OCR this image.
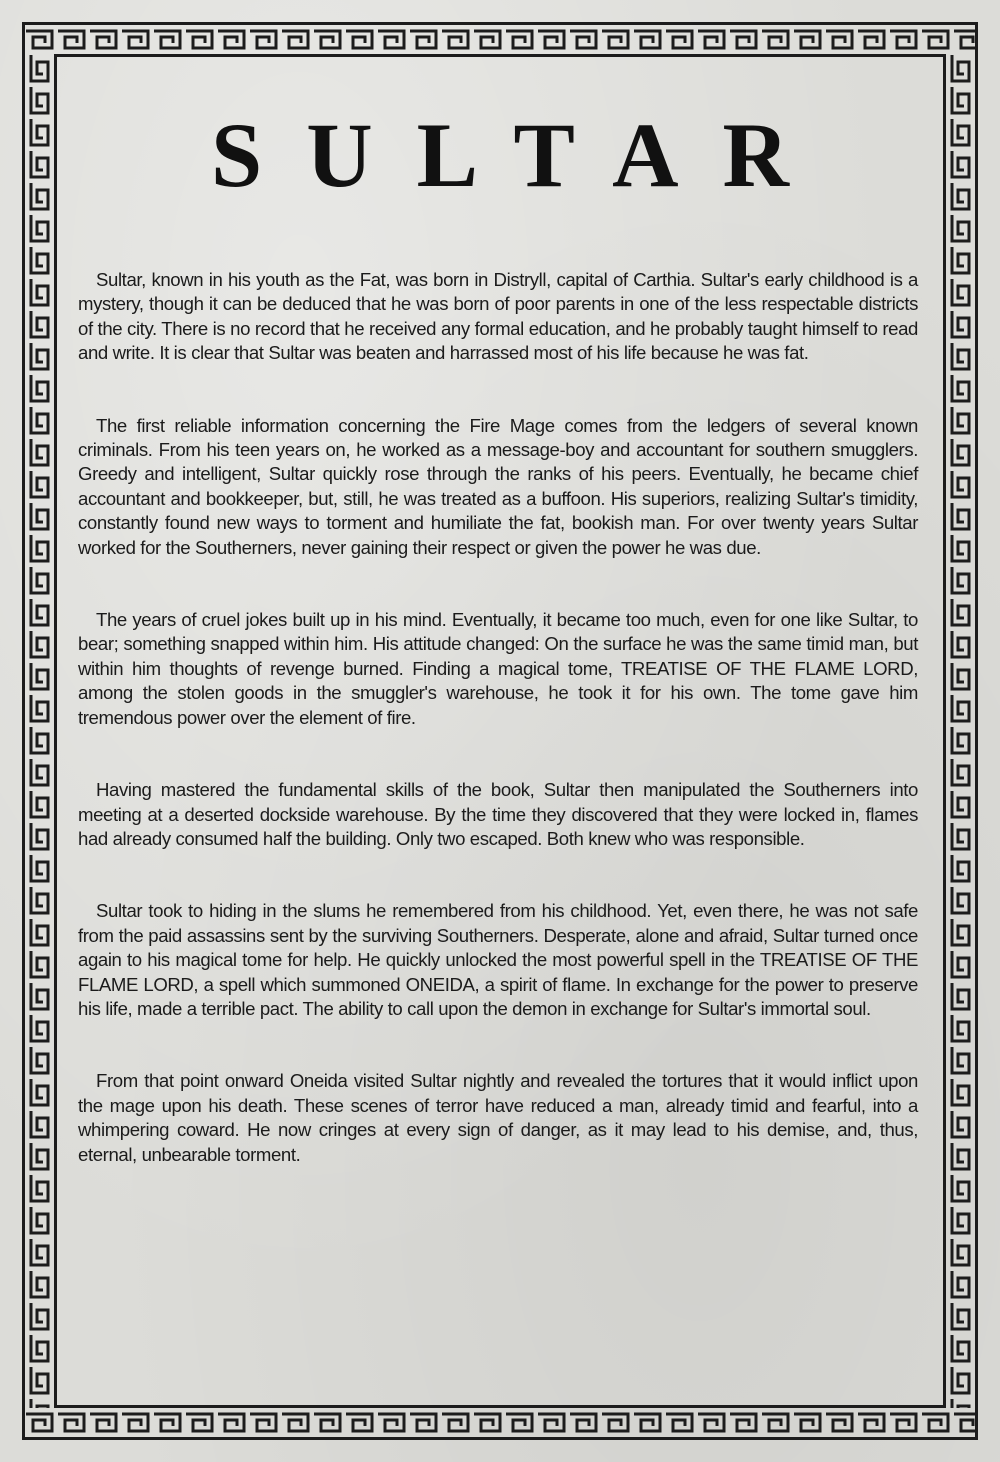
SULTAR

Sultar, known in his youth as the Fat, was born in Distryll, capital of Carthia. Sultar's early childhood is a mystery, though it can be deduced that he was born of poor parents in one of the less respectable districts of the city. There is no record that he received any formal education, and he probably taught himself to read and write. It is clear that Sultar was beaten and harrassed most of his life because he was fat.

The first reliable information concerning the Fire Mage comes from the ledgers of several known criminals. From his teen years on, he worked as a message-boy and accountant for southern smugglers. Greedy and intelligent, Sultar quickly rose through the ranks of his peers. Eventually, he became chief accountant and bookkeeper, but, still, he was treated as a buffoon. His superiors, realizing Sultar's timidity, constantly found new ways to torment and humiliate the fat, bookish man. For over twenty years Sultar worked for the Southerners, never gaining their respect or given the power he was due.

The years of cruel jokes built up in his mind. Eventually, it became too much, even for one like Sultar, to bear; something snapped within him. His attitude changed: On the surface he was the same timid man, but within him thoughts of revenge burned. Finding a magical tome, TREATISE OF THE FLAME LORD, among the stolen goods in the smuggler's warehouse, he took it for his own. The tome gave him tremendous power over the element of fire.

Having mastered the fundamental skills of the book, Sultar then manipulated the Southerners into meeting at a deserted dockside warehouse. By the time they discovered that they were locked in, flames had already consumed half the building. Only two escaped. Both knew who was responsible.

Sultar took to hiding in the slums he remembered from his childhood. Yet, even there, he was not safe from the paid assassins sent by the surviving Southerners. Desperate, alone and afraid, Sultar turned once again to his magical tome for help. He quickly unlocked the most powerful spell in the TREATISE OF THE FLAME LORD, a spell which summoned ONEIDA, a spirit of flame. In exchange for the power to preserve his life, made a terrible pact. The ability to call upon the demon in exchange for Sultar's immortal soul.

From that point onward Oneida visited Sultar nightly and revealed the tortures that it would inflict upon the mage upon his death. These scenes of terror have reduced a man, already timid and fearful, into a whimpering coward. He now cringes at every sign of danger, as it may lead to his demise, and, thus, eternal, unbearable torment.
